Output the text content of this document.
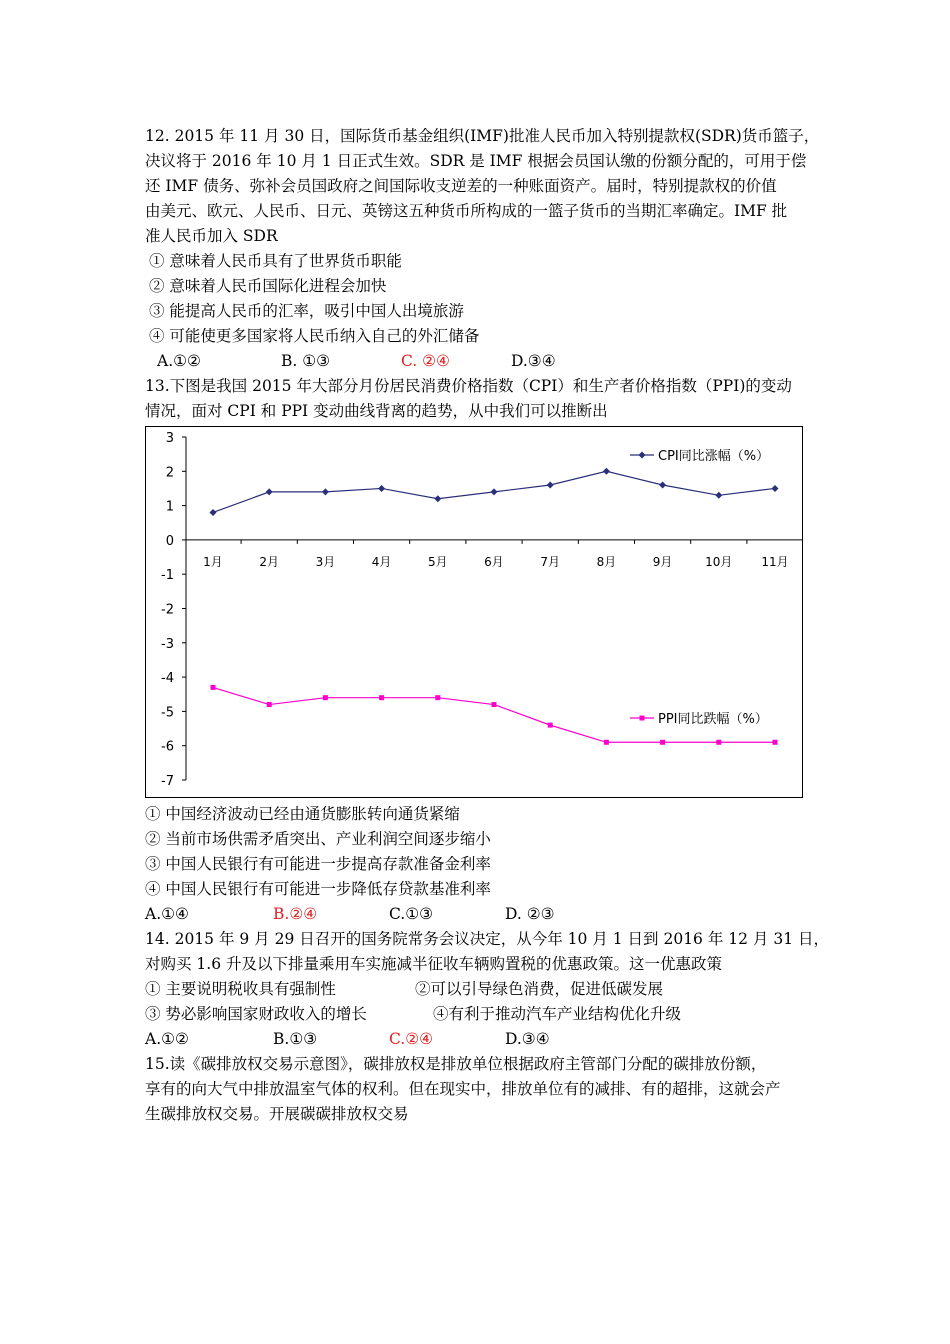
12. 2015 年 11 月 30 日，国际货币基金组织(IMF)批准人民币加入特别提款权(SDR)货币篮子，

决议将于 2016 年 10 月 1 日正式生效。SDR 是 IMF 根据会员国认缴的份额分配的，可用于偿

还 IMF 债务、弥补会员国政府之间国际收支逆差的一种账面资产。届时，特别提款权的价值

由美元、欧元、人民币、日元、英镑这五种货币所构成的一篮子货币的当期汇率确定。IMF 批

准人民币加入 SDR

① 意味着人民币具有了世界货币职能

② 意味着人民币国际化进程会加快

③ 能提高人民币的汇率，吸引中国人出境旅游

④ 可能使更多国家将人民币纳入自己的外汇储备

A.①②	B. ①③	C. ②④	D.③④

13.下图是我国 2015 年大部分月份居民消费价格指数（CPI）和生产者价格指数（PPI)的变动

情况，面对 CPI 和 PPI 变动曲线背离的趋势，从中我们可以推断出

3
2
1
0
-1
-2
-3
-4
-5
-6
-7
1月	2月	3月	4月	5月	6月	7月	8月	9月	10月 11月
CPI同比涨幅（%）
PPI同比跌幅（%）

① 中国经济波动已经由通货膨胀转向通货紧缩

② 当前市场供需矛盾突出、产业利润空间逐步缩小

③ 中国人民银行有可能进一步提高存款准备金利率

④ 中国人民银行有可能进一步降低存贷款基准利率

A.①④	B.②④	C.①③	D. ②③

14. 2015 年 9 月 29 日召开的国务院常务会议决定，从今年 10 月 1 日到 2016 年 12 月 31 日，

对购买 1.6 升及以下排量乘用车实施减半征收车辆购置税的优惠政策。这一优惠政策

① 主要说明税收具有强制性	②可以引导绿色消费，促进低碳发展
③ 势必影响国家财政收入的增长	④有利于推动汽车产业结构优化升级
A.①②	B.①③	C.②④	D.③④

15.读《碳排放权交易示意图》，碳排放权是排放单位根据政府主管部门分配的碳排放份额，

享有的向大气中排放温室气体的权利。但在现实中，排放单位有的减排、有的超排，这就会产

生碳排放权交易。开展碳碳排放权交易
